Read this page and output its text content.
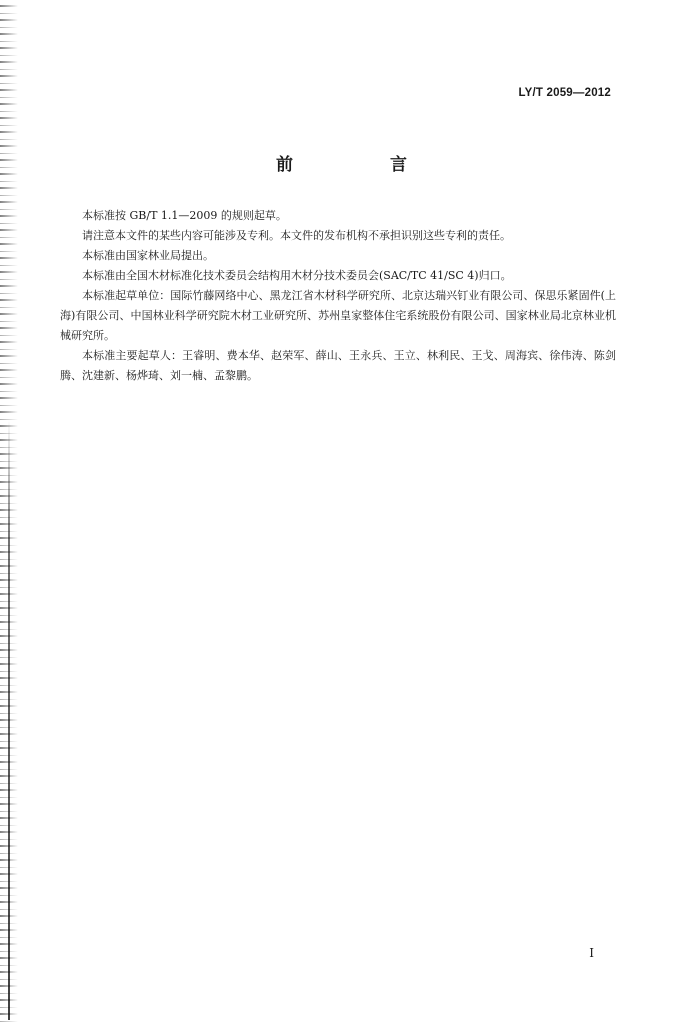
LY/T 2059—2012
前　言

本标准按 GB/T 1.1—2009 的规则起草。

请注意本文件的某些内容可能涉及专利。本文件的发布机构不承担识别这些专利的责任。

本标准由国家林业局提出。

本标准由全国木材标准化技术委员会结构用木材分技术委员会(SAC/TC 41/SC 4)归口。

本标准起草单位：国际竹藤网络中心、黑龙江省木材科学研究所、北京达瑞兴钉业有限公司、保思乐紧固件(上海)有限公司、中国林业科学研究院木材工业研究所、苏州皇家整体住宅系统股份有限公司、国家林业局北京林业机械研究所。

本标准主要起草人：王睿明、费本华、赵荣军、薛山、王永兵、王立、林利民、王戈、周海宾、徐伟涛、陈剑腾、沈建新、杨烨琦、刘一楠、孟黎鹏。

I
